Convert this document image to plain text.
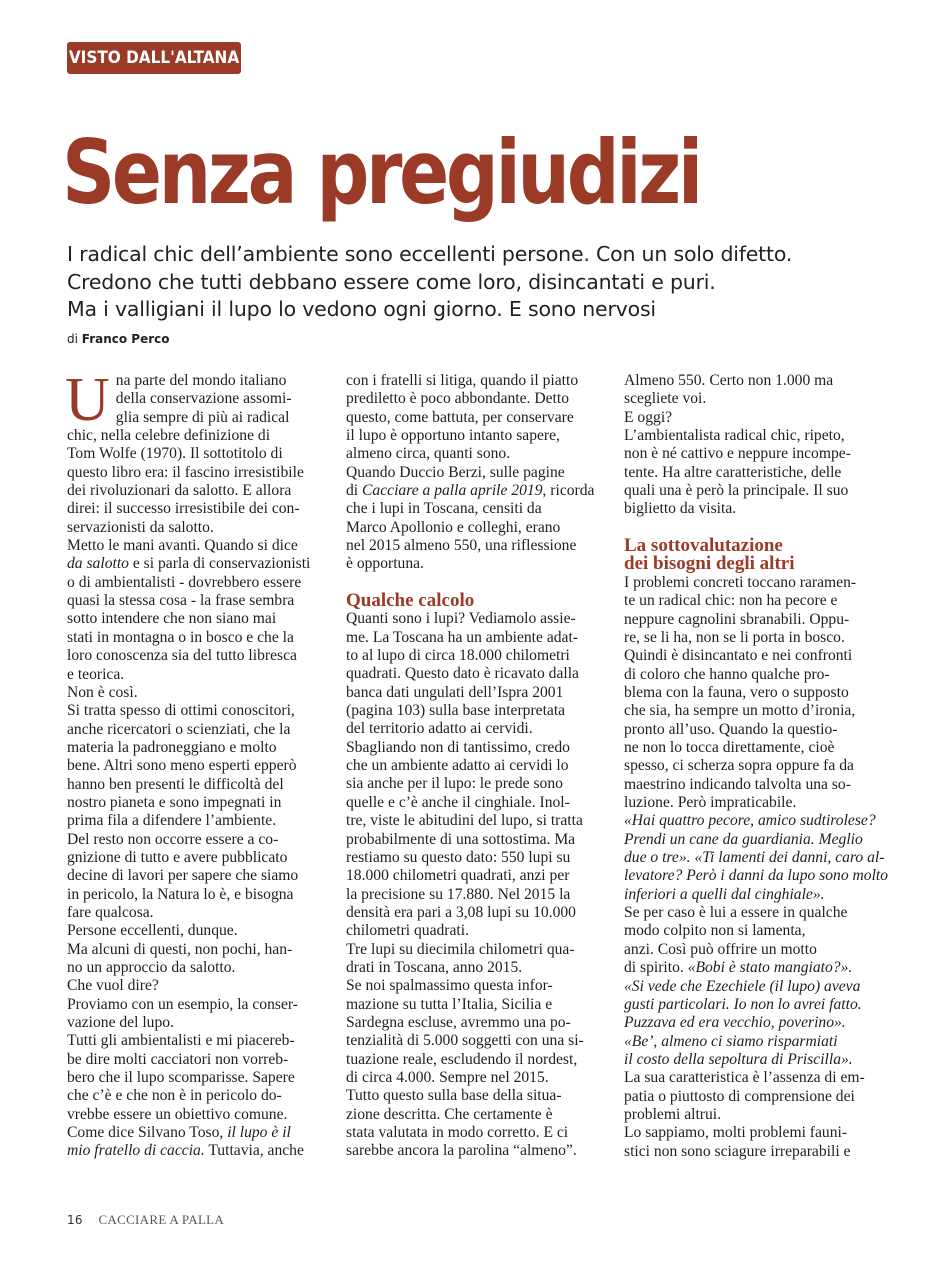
VISTO DALL'ALTANA
Senza pregiudizi

I radical chic dell’ambiente sono eccellenti persone. Con un solo difetto.

Credono che tutti debbano essere come loro, disincantati e puri.

Ma i valligiani il lupo lo vedono ogni giorno. E sono nervosi

di Franco Perco
U na parte del mondo italiano
della conservazione assomi-
glia sempre di più ai radical
chic, nella celebre definizione di
Tom Wolfe (1970). Il sottotitolo di
questo libro era: il fascino irresistibile
dei rivoluzionari da salotto. E allora
direi: il successo irresistibile dei con-
servazionisti da salotto.
Metto le mani avanti. Quando si dice
da salotto e si parla di conservazionisti
o di ambientalisti - dovrebbero essere
quasi la stessa cosa - la frase sembra
sotto intendere che non siano mai
stati in montagna o in bosco e che la
loro conoscenza sia del tutto libresca
e teorica.
Non è così.
Si tratta spesso di ottimi conoscitori,
anche ricercatori o scienziati, che la
materia la padroneggiano e molto
bene. Altri sono meno esperti epperò
hanno ben presenti le difficoltà del
nostro pianeta e sono impegnati in
prima fila a difendere l’ambiente.
Del resto non occorre essere a co-
gnizione di tutto e avere pubblicato
decine di lavori per sapere che siamo
in pericolo, la Natura lo è, e bisogna
fare qualcosa.
Persone eccellenti, dunque.
Ma alcuni di questi, non pochi, han-
no un approccio da salotto.
Che vuol dire?
Proviamo con un esempio, la conser-
vazione del lupo.
Tutti gli ambientalisti e mi piacereb-
be dire molti cacciatori non vorreb-
bero che il lupo scomparisse. Sapere
che c’è e che non è in pericolo do-
vrebbe essere un obiettivo comune.
Come dice Silvano Toso, il lupo è il
mio fratello di caccia. Tuttavia, anche
con i fratelli si litiga, quando il piatto
prediletto è poco abbondante. Detto
questo, come battuta, per conservare
il lupo è opportuno intanto sapere,
almeno circa, quanti sono.
Quando Duccio Berzi, sulle pagine
di Cacciare a palla aprile 2019, ricorda
che i lupi in Toscana, censiti da
Marco Apollonio e colleghi, erano
nel 2015 almeno 550, una riflessione
è opportuna.
Qualche calcolo
Quanti sono i lupi? Vediamolo assie-
me. La Toscana ha un ambiente adat-
to al lupo di circa 18.000 chilometri
quadrati. Questo dato è ricavato dalla
banca dati ungulati dell’Ispra 2001
(pagina 103) sulla base interpretata
del territorio adatto ai cervidi.
Sbagliando non di tantissimo, credo
che un ambiente adatto ai cervidi lo
sia anche per il lupo: le prede sono
quelle e c’è anche il cinghiale. Inol-
tre, viste le abitudini del lupo, si tratta
probabilmente di una sottostima. Ma
restiamo su questo dato: 550 lupi su
18.000 chilometri quadrati, anzi per
la precisione su 17.880. Nel 2015 la
densità era pari a 3,08 lupi su 10.000
chilometri quadrati.
Tre lupi su diecimila chilometri qua-
drati in Toscana, anno 2015.
Se noi spalmassimo questa infor-
mazione su tutta l’Italia, Sicilia e
Sardegna escluse, avremmo una po-
tenzialità di 5.000 soggetti con una si-
tuazione reale, escludendo il nordest,
di circa 4.000. Sempre nel 2015.
Tutto questo sulla base della situa-
zione descritta. Che certamente è
stata valutata in modo corretto. E ci
sarebbe ancora la parolina “almeno”.
Almeno 550. Certo non 1.000 ma
scegliete voi.
E oggi?
L’ambientalista radical chic, ripeto,
non è né cattivo e neppure incompe-
tente. Ha altre caratteristiche, delle
quali una è però la principale. Il suo
biglietto da visita.
La sottovalutazione
dei bisogni degli altri
I problemi concreti toccano raramen-
te un radical chic: non ha pecore e
neppure cagnolini sbranabili. Oppu-
re, se li ha, non se li porta in bosco.
Quindi è disincantato e nei confronti
di coloro che hanno qualche pro-
blema con la fauna, vero o supposto
che sia, ha sempre un motto d’ironia,
pronto all’uso. Quando la questio-
ne non lo tocca direttamente, cioè
spesso, ci scherza sopra oppure fa da
maestrino indicando talvolta una so-
luzione. Però impraticabile.
«Hai quattro pecore, amico sudtirolese?
Prendi un cane da guardiania. Meglio
due o tre». «Ti lamenti dei danni, caro al-
levatore? Però i danni da lupo sono molto
inferiori a quelli dal cinghiale».
Se per caso è lui a essere in qualche
modo colpito non si lamenta,
anzi. Così può offrire un motto
di spirito. «Bobi è stato mangiato?».
«Si vede che Ezechiele (il lupo) aveva
gusti particolari. Io non lo avrei fatto.
Puzzava ed era vecchio, poverino».
«Be’, almeno ci siamo risparmiati
il costo della sepoltura di Priscilla».
La sua caratteristica è l’assenza di em-
patia o piuttosto di comprensione dei
problemi altrui.
Lo sappiamo, molti problemi fauni-
stici non sono sciagure irreparabili e
16 CACCIARE A PALLA
